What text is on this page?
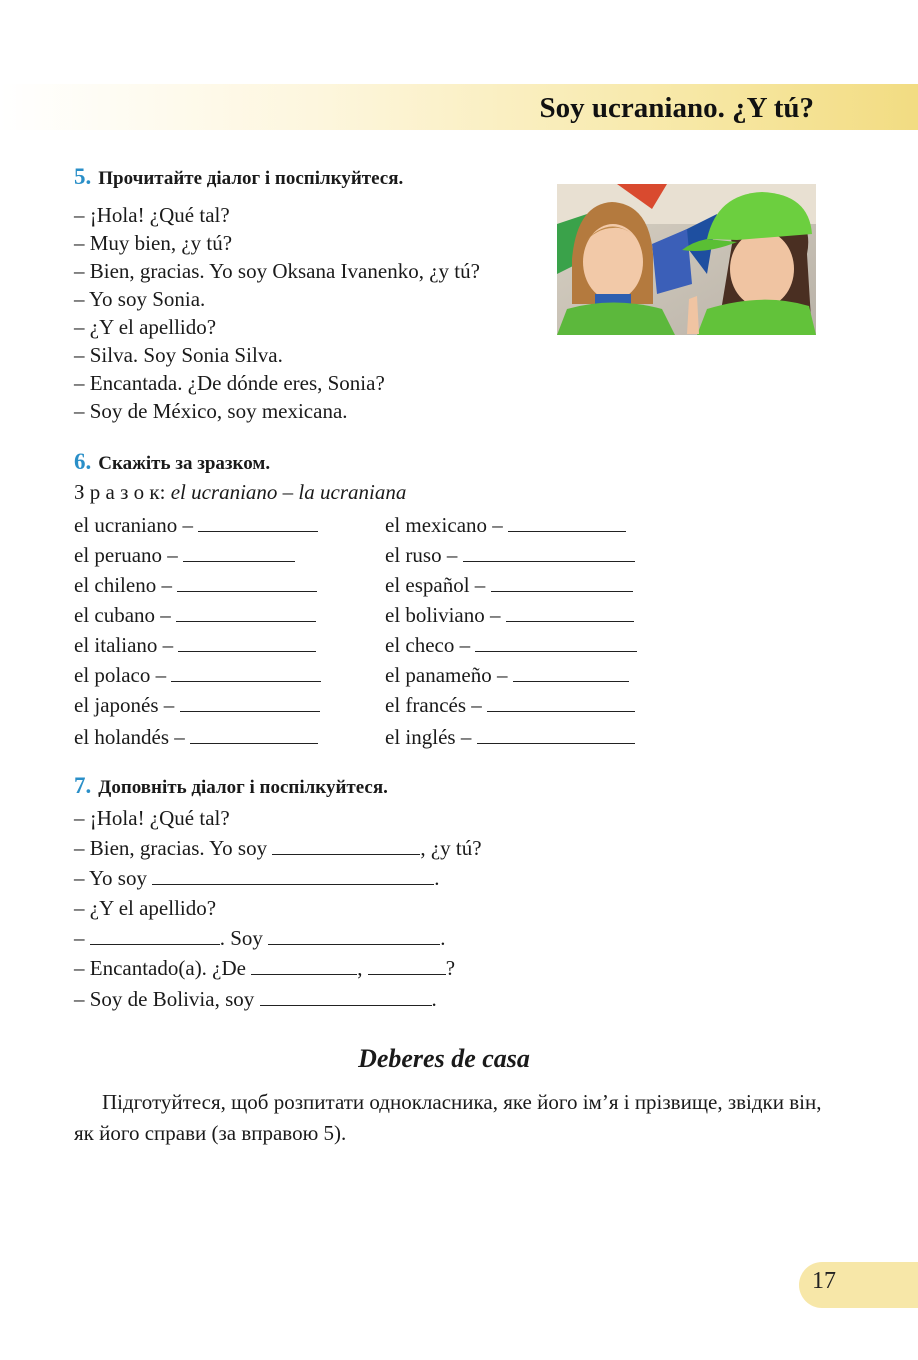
Soy ucraniano. ¿Y tú?
5. Прочитайте діалог і поспілкуйтеся.
– ¡Hola! ¿Qué tal?
– Muy bien, ¿y tú?
– Bien, gracias. Yo soy Oksana Ivanenko, ¿y tú?
– Yo soy Sonia.
– ¿Y el apellido?
– Silva. Soy Sonia Silva.
– Encantada. ¿De dónde eres, Sonia?
– Soy de México, soy mexicana.
6. Скажіть за зразком.
З р а з о к: el ucraniano – la ucraniana
el ucraniano –
el peruano –
el chileno –
el cubano –
el italiano –
el polaco –
el japonés –
el holandés –
el mexicano –
el ruso –
el español –
el boliviano –
el checo –
el panameño –
el francés –
el inglés –
7. Доповніть діалог і поспілкуйтеся.
– ¡Hola! ¿Qué tal?
– Bien, gracias. Yo soy	, ¿y tú?
– Yo soy	.
– ¿Y el apellido?
–	. Soy	.
– Encantado(a). ¿De	,	?
– Soy de Bolivia, soy	.
Deberes de casa
Підготуйтеся, щоб розпитати однокласника, яке його ім’я і прізвище, звідки він, як його справи (за вправою 5).
17
